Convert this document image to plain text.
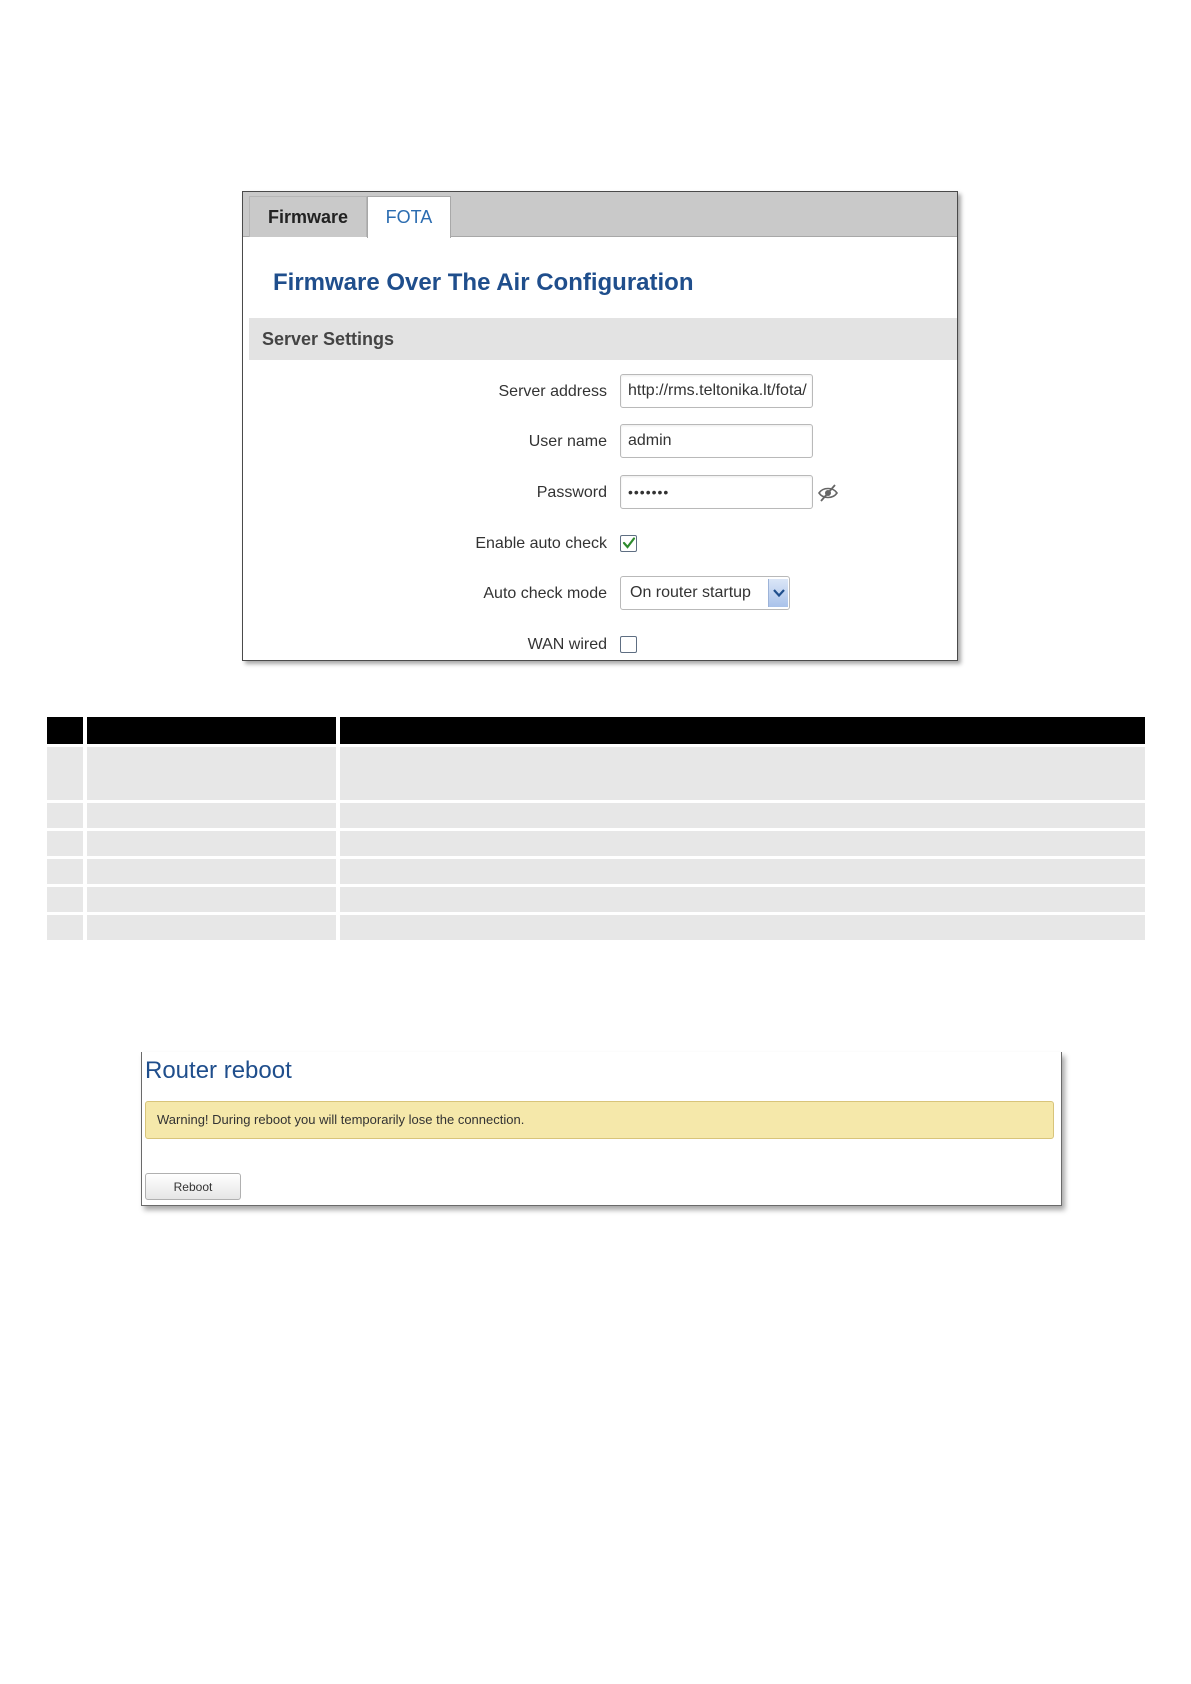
Firmware	FOTA
Firmware Over The Air Configuration
Server Settings
Server address	http://rms.teltonika.lt/fota/
User name	admin
Password	•••••••
Enable auto check
Auto check mode	On router startup
WAN wired

Router reboot
Warning! During reboot you will temporarily lose the connection.
Reboot
